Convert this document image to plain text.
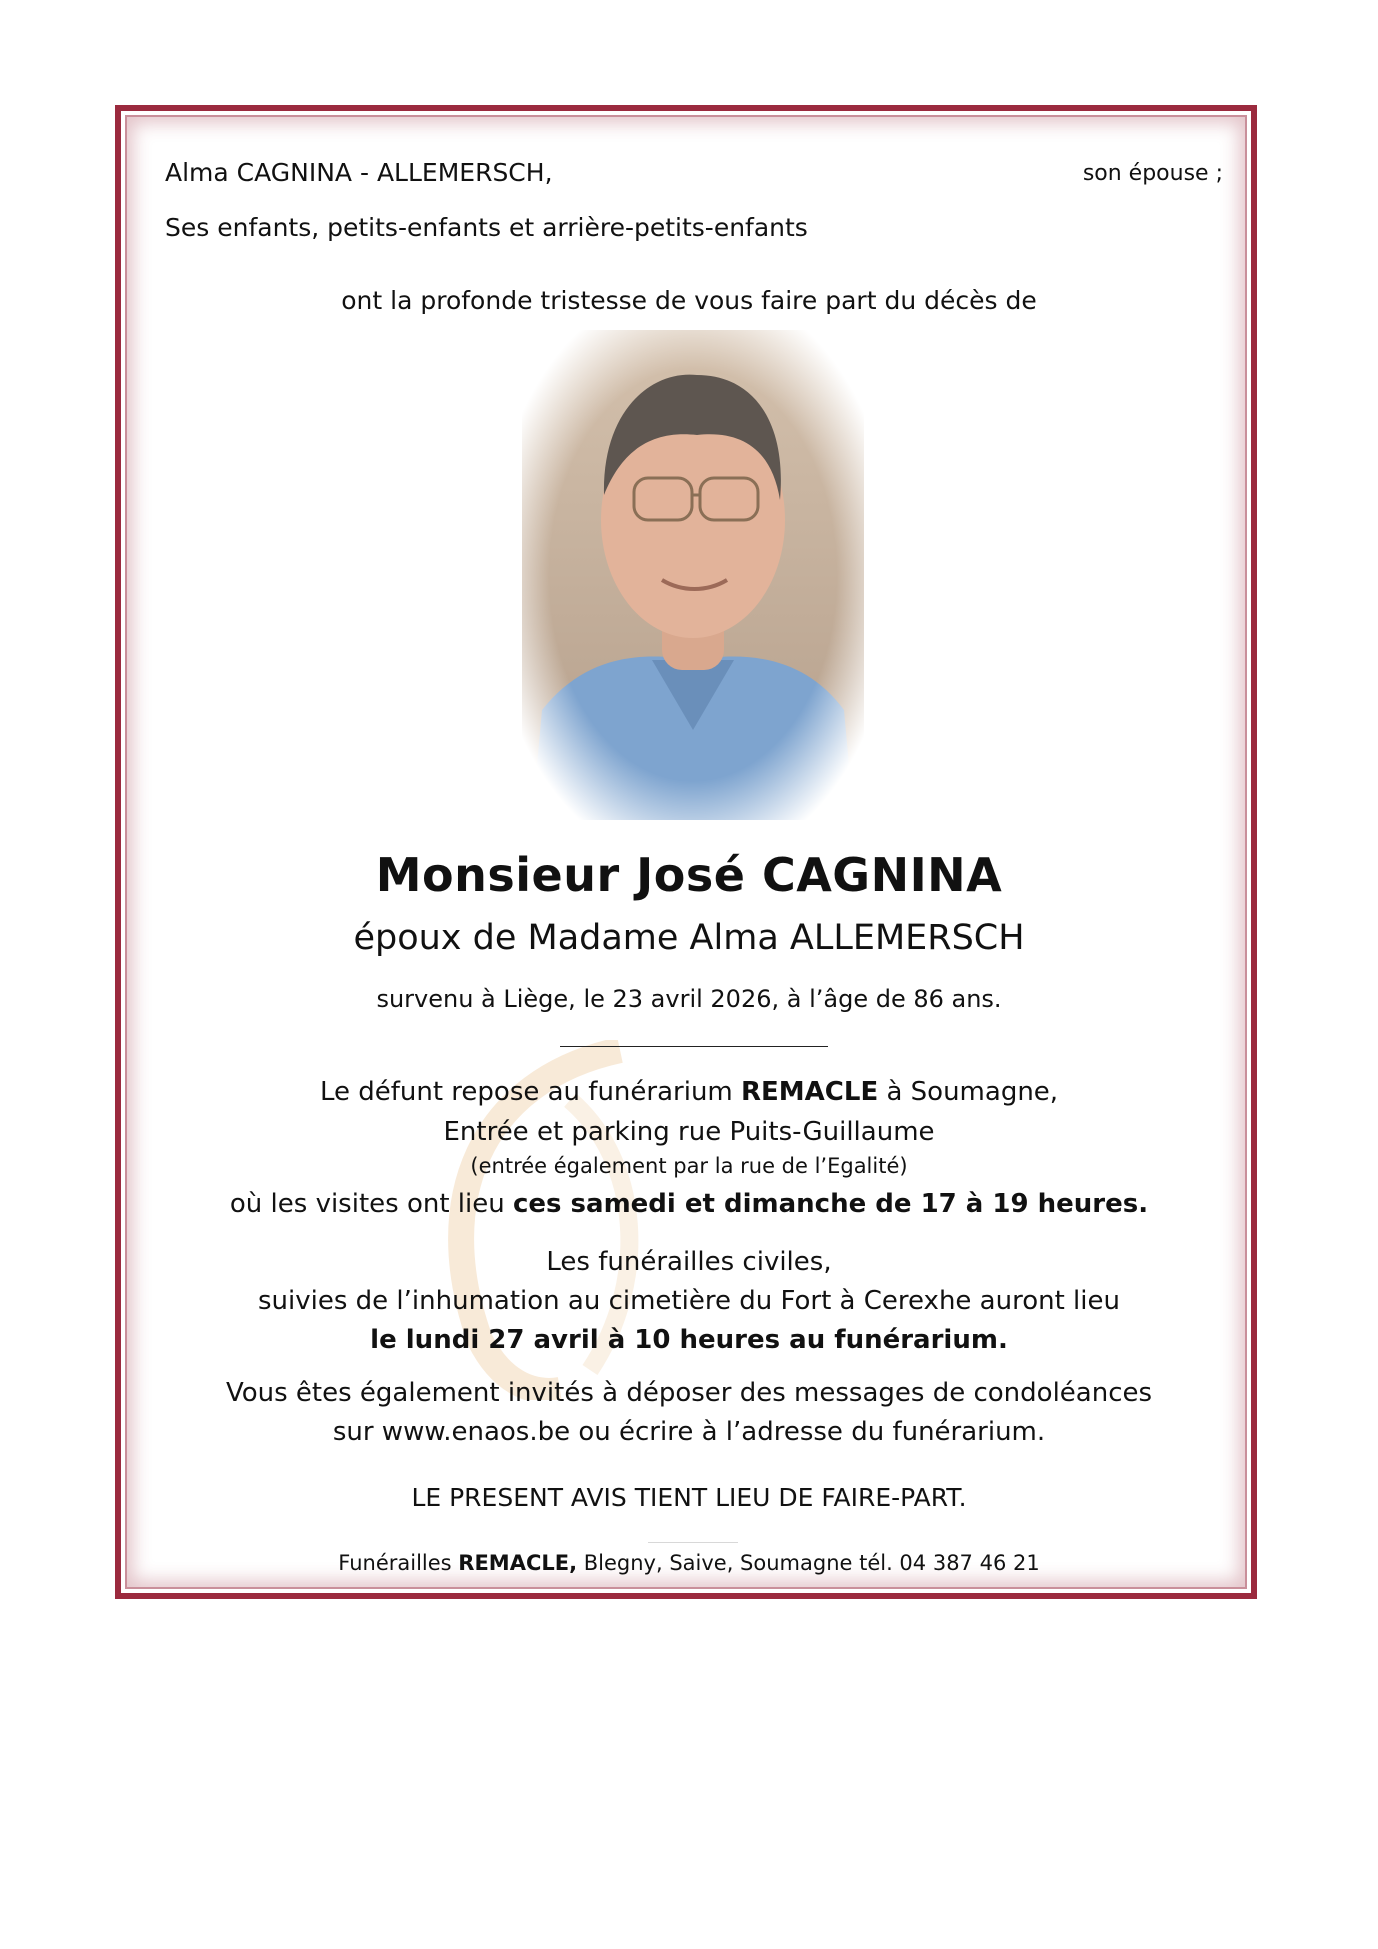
Alma CAGNINA - ALLEMERSCH,	son épouse ;

Ses enfants, petits-enfants et arrière-petits-enfants

ont la profonde tristesse de vous faire part du décès de

Monsieur José CAGNINA

époux de Madame Alma ALLEMERSCH

survenu à Liège, le 23 avril 2026, à l’âge de 86 ans.

Le défunt repose au funérarium REMACLE à Soumagne,

Entrée et parking rue Puits-Guillaume

(entrée également par la rue de l’Egalité)

où les visites ont lieu ces samedi et dimanche de 17 à 19 heures.

Les funérailles civiles,

suivies de l’inhumation au cimetière du Fort à Cerexhe auront lieu

le lundi 27 avril à 10 heures au funérarium.

Vous êtes également invités à déposer des messages de condoléances

sur www.enaos.be ou écrire à l’adresse du funérarium.

LE PRESENT AVIS TIENT LIEU DE FAIRE-PART.

Funérailles REMACLE, Blegny, Saive, Soumagne tél. 04 387 46 21
